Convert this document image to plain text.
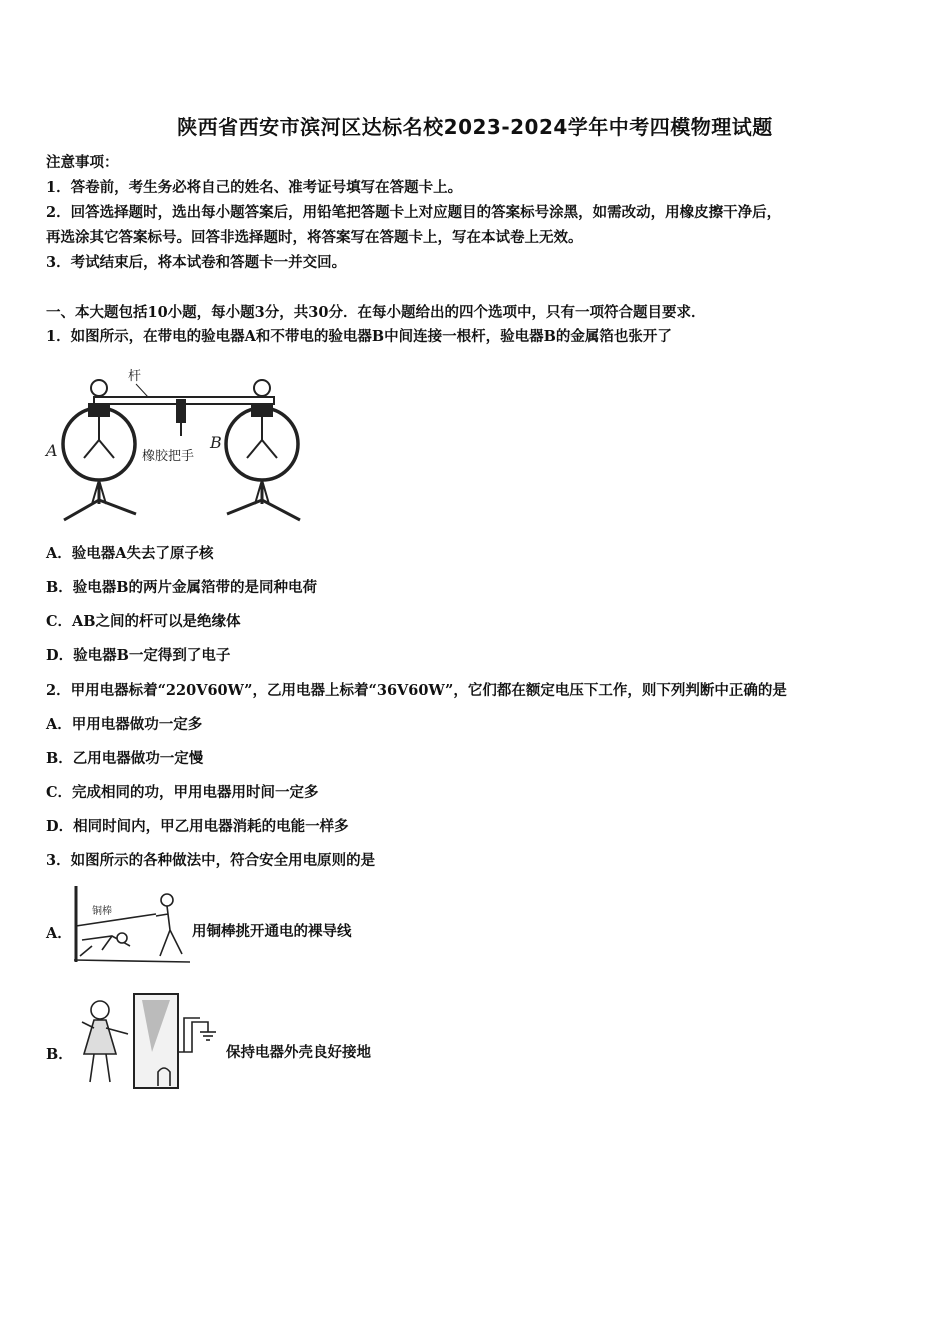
陕西省西安市滨河区达标名校2023-2024学年中考四模物理试题
注意事项：
1．答卷前，考生务必将自己的姓名、准考证号填写在答题卡上。
2．回答选择题时，选出每小题答案后，用铅笔把答题卡上对应题目的答案标号涂黑，如需改动，用橡皮擦干净后，
再选涂其它答案标号。回答非选择题时，将答案写在答题卡上，写在本试卷上无效。
3．考试结束后，将本试卷和答题卡一并交回。
一、本大题包括10小题，每小题3分，共30分．在每小题给出的四个选项中，只有一项符合题目要求．
1．如图所示，在带电的验电器A和不带电的验电器B中间连接一根杆，验电器B的金属箔也张开了
杆
橡胶把手
A	B
A．验电器A失去了原子核
B．验电器B的两片金属箔带的是同种电荷
C．AB之间的杆可以是绝缘体
D．验电器B一定得到了电子
2．甲用电器标着“220V60W”，乙用电器上标着“36V60W”，它们都在额定电压下工作，则下列判断中正确的是
A．甲用电器做功一定多
B．乙用电器做功一定慢
C．完成相同的功，甲用电器用时间一定多
D．相同时间内，甲乙用电器消耗的电能一样多
3．如图所示的各种做法中，符合安全用电原则的是
A．
铜棒
用铜棒挑开通电的裸导线
B．	保持电器外壳良好接地
